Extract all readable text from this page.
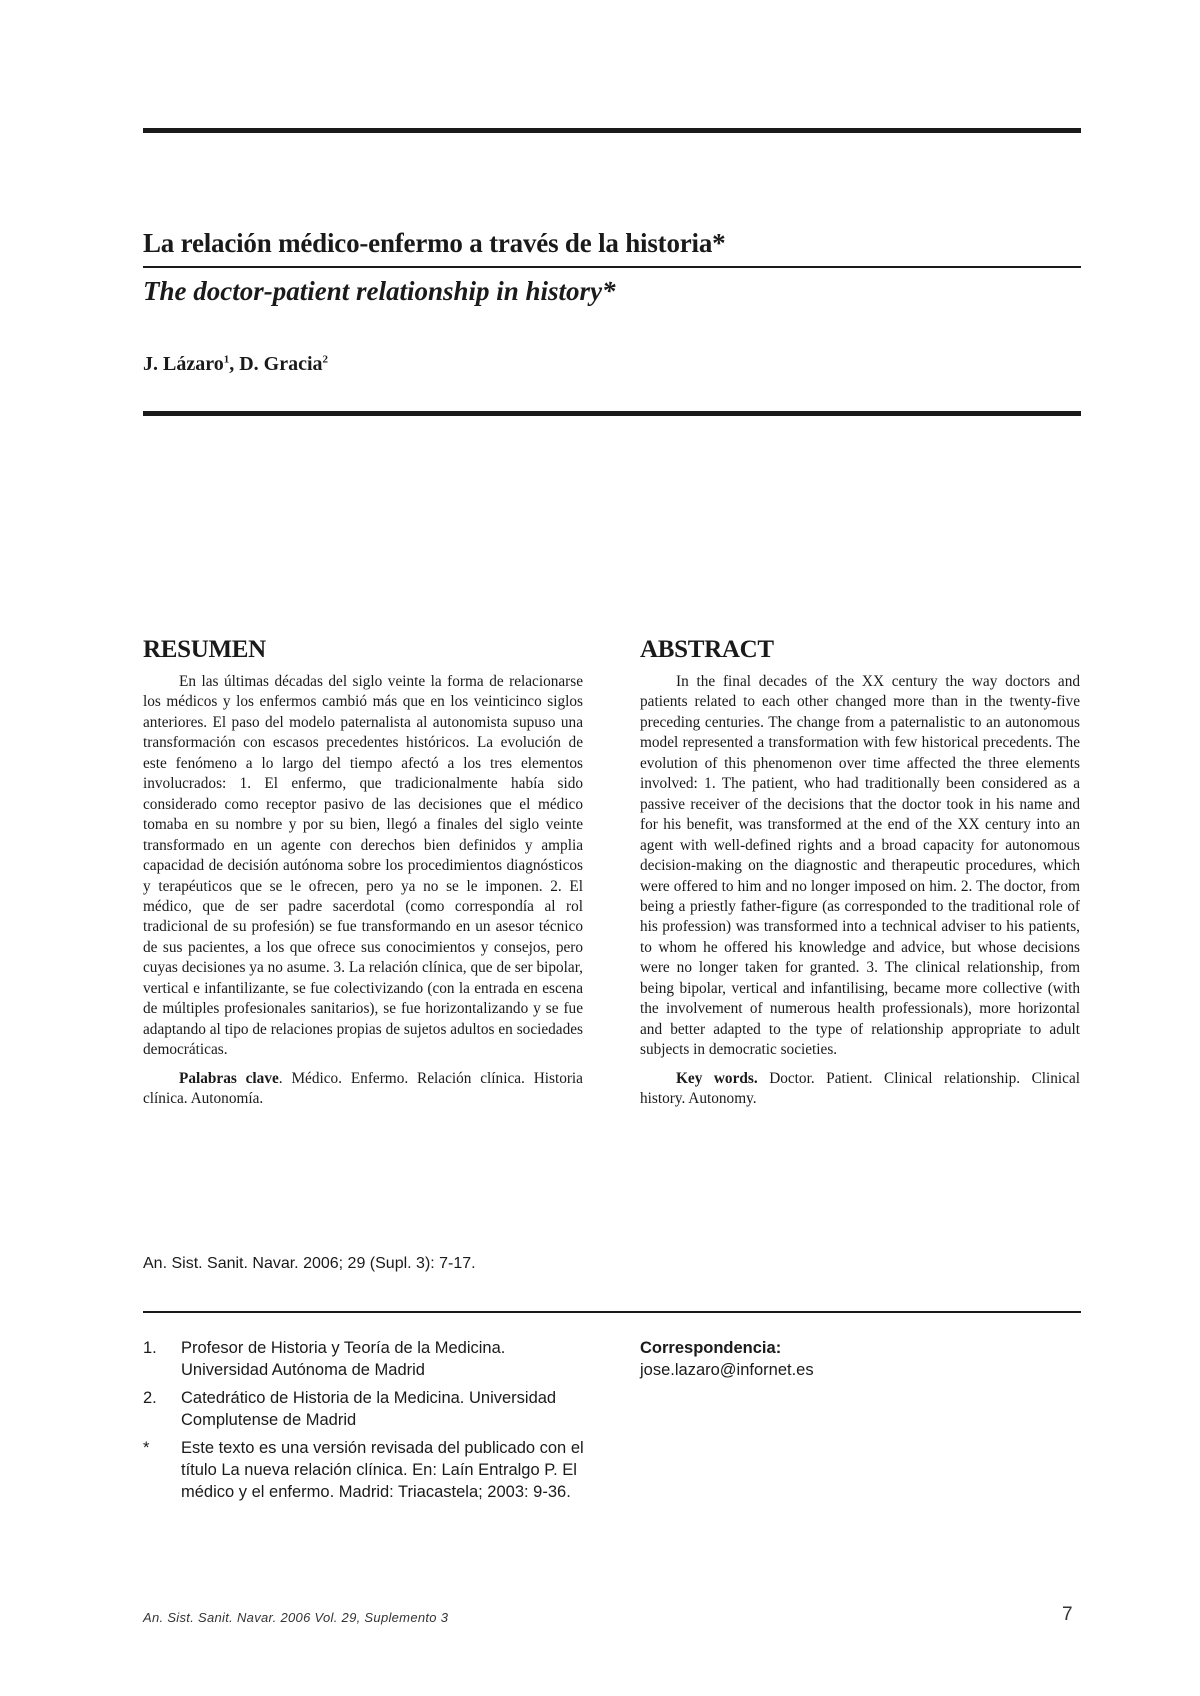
La relación médico-enfermo a través de la historia*
The doctor-patient relationship in history*
J. Lázaro$^1$, D. Gracia$^2$
RESUMEN	ABSTRACT

En las últimas décadas del siglo veinte la forma de relacionarse los médicos y los enfermos cambió más que en los veinticinco siglos anteriores. El paso del modelo paternalista al autonomista supuso una transformación con escasos precedentes históricos. La evolución de este fenómeno a lo largo del tiempo afectó a los tres elementos involucrados: 1. El enfermo, que tradicionalmente había sido considerado como receptor pasivo de las decisiones que el médico tomaba en su nombre y por su bien, llegó a finales del siglo veinte transformado en un agente con derechos bien definidos y amplia capacidad de decisión autónoma sobre los procedimientos diagnósticos y terapéuticos que se le ofrecen, pero ya no se le imponen. 2. El médico, que de ser padre sacerdotal (como correspondía al rol tradicional de su profesión) se fue transformando en un asesor técnico de sus pacientes, a los que ofrece sus conocimientos y consejos, pero cuyas decisiones ya no asume. 3. La relación clínica, que de ser bipolar, vertical e infantilizante, se fue colectivizando (con la entrada en escena de múltiples profesionales sanitarios), se fue horizontalizando y se fue adaptando al tipo de relaciones propias de sujetos adultos en sociedades democráticas.

Palabras clave. Médico. Enfermo. Relación clínica. Historia clínica. Autonomía.

In the final decades of the XX century the way doctors and patients related to each other changed more than in the twenty-five preceding centuries. The change from a paternalistic to an autonomous model represented a transformation with few historical precedents. The evolution of this phenomenon over time affected the three elements involved: 1. The patient, who had traditionally been considered as a passive receiver of the decisions that the doctor took in his name and for his benefit, was transformed at the end of the XX century into an agent with well-defined rights and a broad capacity for autonomous decision-making on the diagnostic and therapeutic procedures, which were offered to him and no longer imposed on him. 2. The doctor, from being a priestly father-figure (as corresponded to the traditional role of his profession) was transformed into a technical adviser to his patients, to whom he offered his knowledge and advice, but whose decisions were no longer taken for granted. 3. The clinical relationship, from being bipolar, vertical and infantilising, became more collective (with the involvement of numerous health professionals), more horizontal and better adapted to the type of relationship appropriate to adult subjects in democratic societies.

Key words. Doctor. Patient. Clinical relationship. Clinical history. Autonomy.

An. Sist. Sanit. Navar. 2006; 29 (Supl. 3): 7-17.
1.	Profesor de Historia y Teoría de la Medicina. Universidad Autónoma de Madrid
2.	Catedrático de Historia de la Medicina. Universidad Complutense de Madrid
*	Este texto es una versión revisada del publicado con el título La nueva relación clínica. En: Laín Entralgo P. El médico y el enfermo. Madrid: Triacastela; 2003: 9-36.
Correspondencia:
jose.lazaro@infornet.es
An. Sist. Sanit. Navar. 2006 Vol. 29, Suplemento 3	7
